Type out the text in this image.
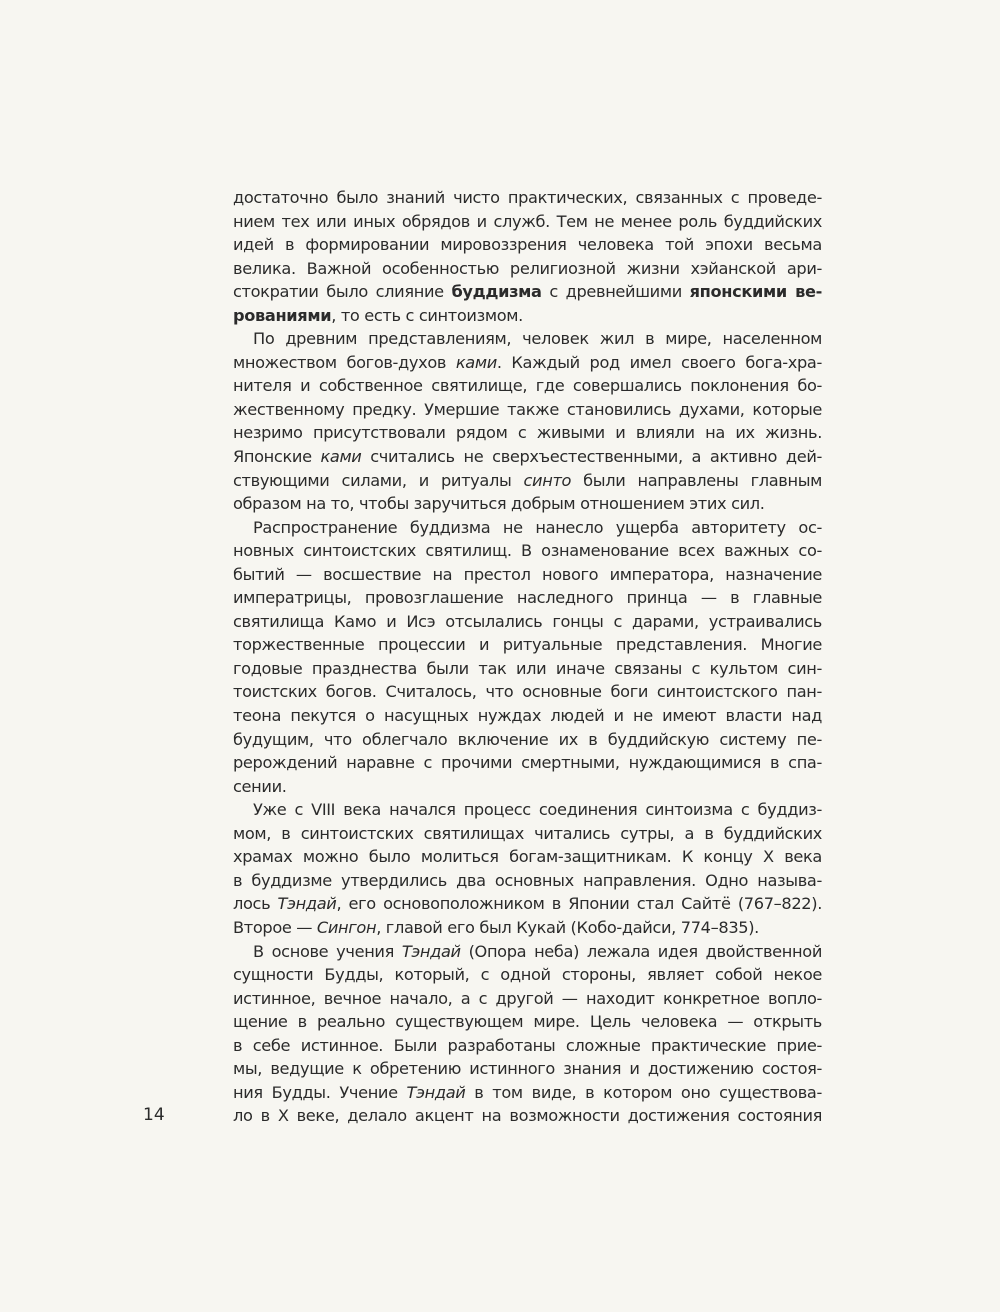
достаточно было знаний чисто практических, связанных с проведе-
нием тех или иных обрядов и служб. Тем не менее роль буддийских
идей в формировании мировоззрения человека той эпохи весьма
велика. Важной особенностью религиозной жизни хэйанской ари-
стократии было слияние буддизма с древнейшими японскими ве-
рованиями, то есть с синтоизмом.
По древним представлениям, человек жил в мире, населенном
множеством богов-духов ками. Каждый род имел своего бога-хра-
нителя и собственное святилище, где совершались поклонения бо-
жественному предку. Умершие также становились духами, которые
незримо присутствовали рядом с живыми и влияли на их жизнь.
Японские ками считались не сверхъестественными, а активно дей-
ствующими силами, и ритуалы синто были направлены главным
образом на то, чтобы заручиться добрым отношением этих сил.
Распространение буддизма не нанесло ущерба авторитету ос-
новных синтоистских святилищ. В ознаменование всех важных со-
бытий — восшествие на престол нового императора, назначение
императрицы, провозглашение наследного принца — в главные
святилища Камо и Исэ отсылались гонцы с дарами, устраивались
торжественные процессии и ритуальные представления. Многие
годовые празднества были так или иначе связаны с культом син-
тоистских богов. Считалось, что основные боги синтоистского пан-
теона пекутся о насущных нуждах людей и не имеют власти над
будущим, что облегчало включение их в буддийскую систему пе-
рерождений наравне с прочими смертными, нуждающимися в спа-
сении.
Уже с VIII века начался процесс соединения синтоизма с буддиз-
мом, в синтоистских святилищах читались сутры, а в буддийских
храмах можно было молиться богам-защитникам. К концу X века
в буддизме утвердились два основных направления. Одно называ-
лось Тэндай, его основоположником в Японии стал Сайтё (767–822).
Второе — Сингон, главой его был Кукай (Кобо-дайси, 774–835).
В основе учения Тэндай (Опора неба) лежала идея двойственной
сущности Будды, который, с одной стороны, являет собой некое
истинное, вечное начало, а с другой — находит конкретное вопло-
щение в реально существующем мире. Цель человека — открыть
в себе истинное. Были разработаны сложные практические прие-
мы, ведущие к обретению истинного знания и достижению состоя-
ния Будды. Учение Тэндай в том виде, в котором оно существова-
ло в X веке, делало акцент на возможности достижения состояния
14
